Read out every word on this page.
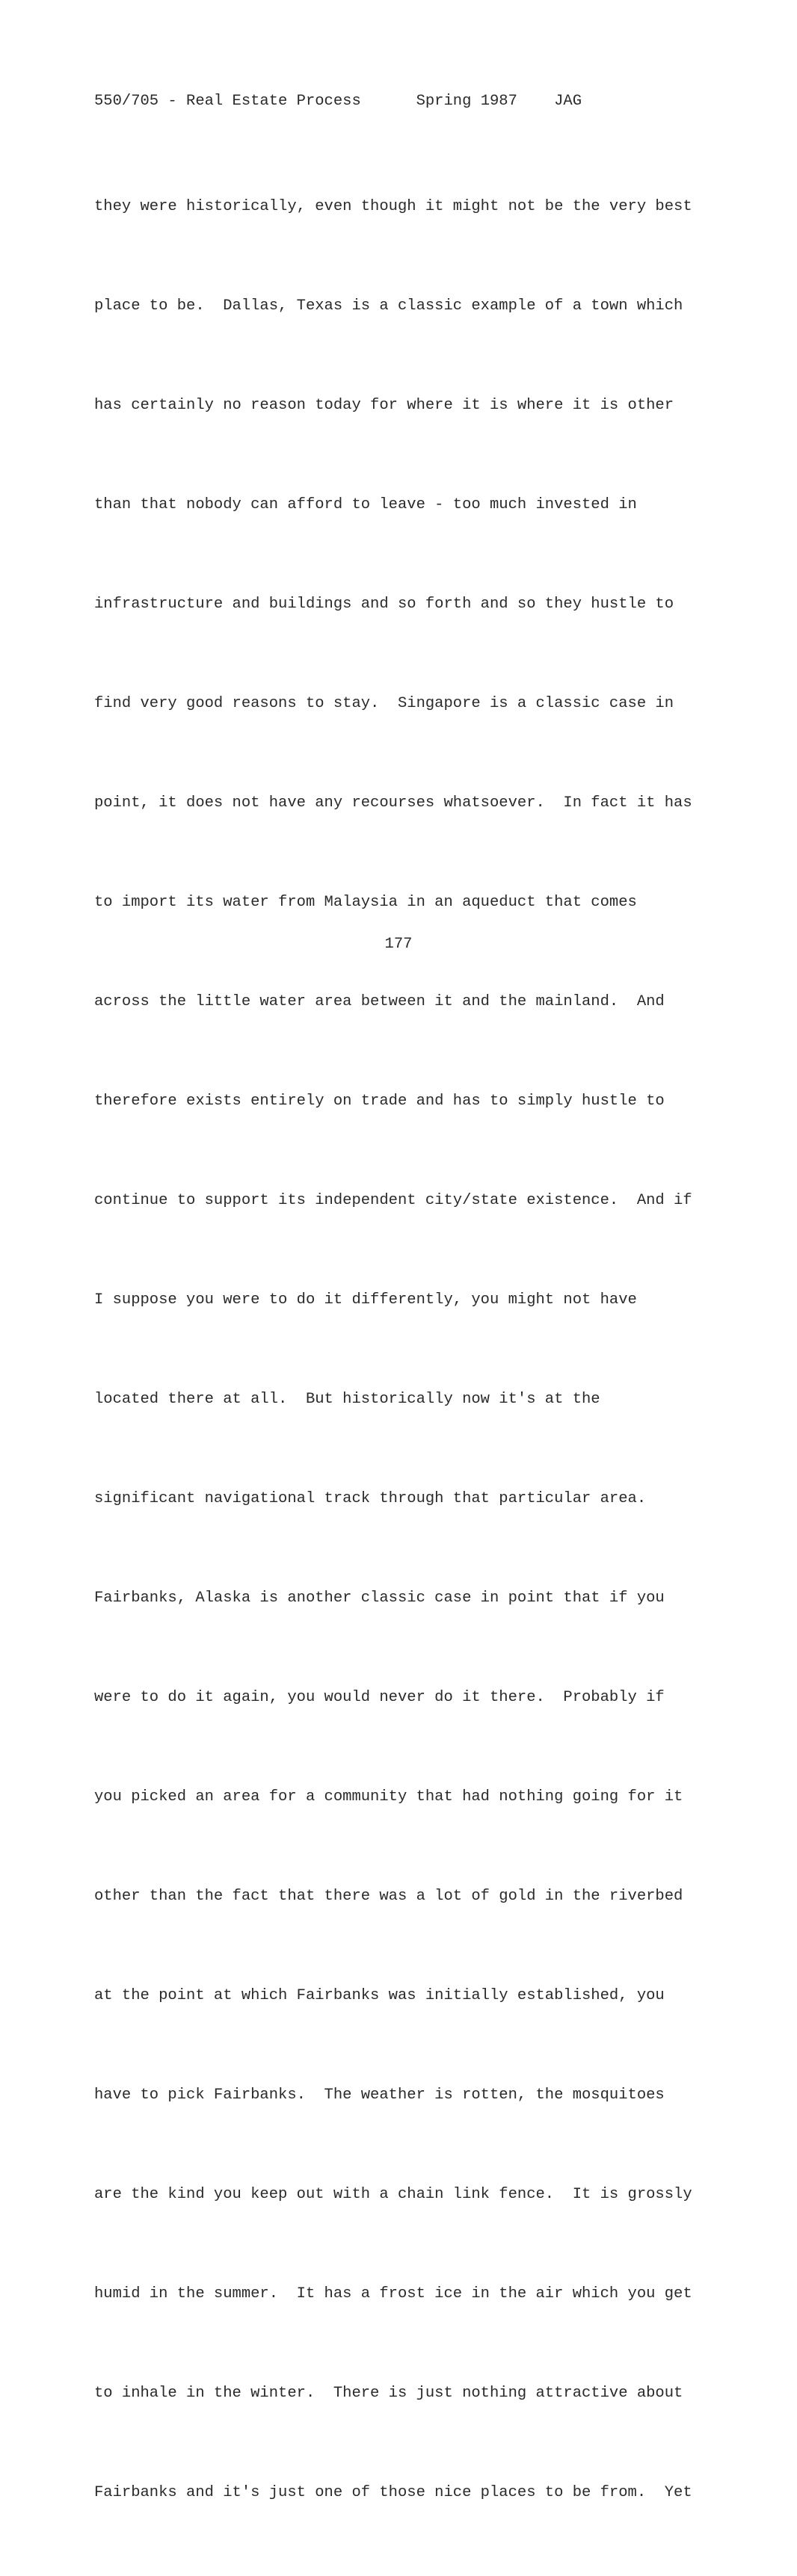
550/705 - Real Estate Process	Spring 1987 JAG

they were historically, even though it might not be the very best

place to be.  Dallas, Texas is a classic example of a town which

has certainly no reason today for where it is where it is other

than that nobody can afford to leave - too much invested in

infrastructure and buildings and so forth and so they hustle to

find very good reasons to stay.  Singapore is a classic case in

point, it does not have any recourses whatsoever.  In fact it has

to import its water from Malaysia in an aqueduct that comes

across the little water area between it and the mainland.  And

therefore exists entirely on trade and has to simply hustle to

continue to support its independent city/state existence.  And if

I suppose you were to do it differently, you might not have

located there at all.  But historically now it's at the

significant navigational track through that particular area.

Fairbanks, Alaska is another classic case in point that if you

were to do it again, you would never do it there.  Probably if

you picked an area for a community that had nothing going for it

other than the fact that there was a lot of gold in the riverbed

at the point at which Fairbanks was initially established, you

have to pick Fairbanks.  The weather is rotten, the mosquitoes

are the kind you keep out with a chain link fence.  It is grossly

humid in the summer.  It has a frost ice in the air which you get

to inhale in the winter.  There is just nothing attractive about

Fairbanks and it's just one of those nice places to be from.  Yet

177
